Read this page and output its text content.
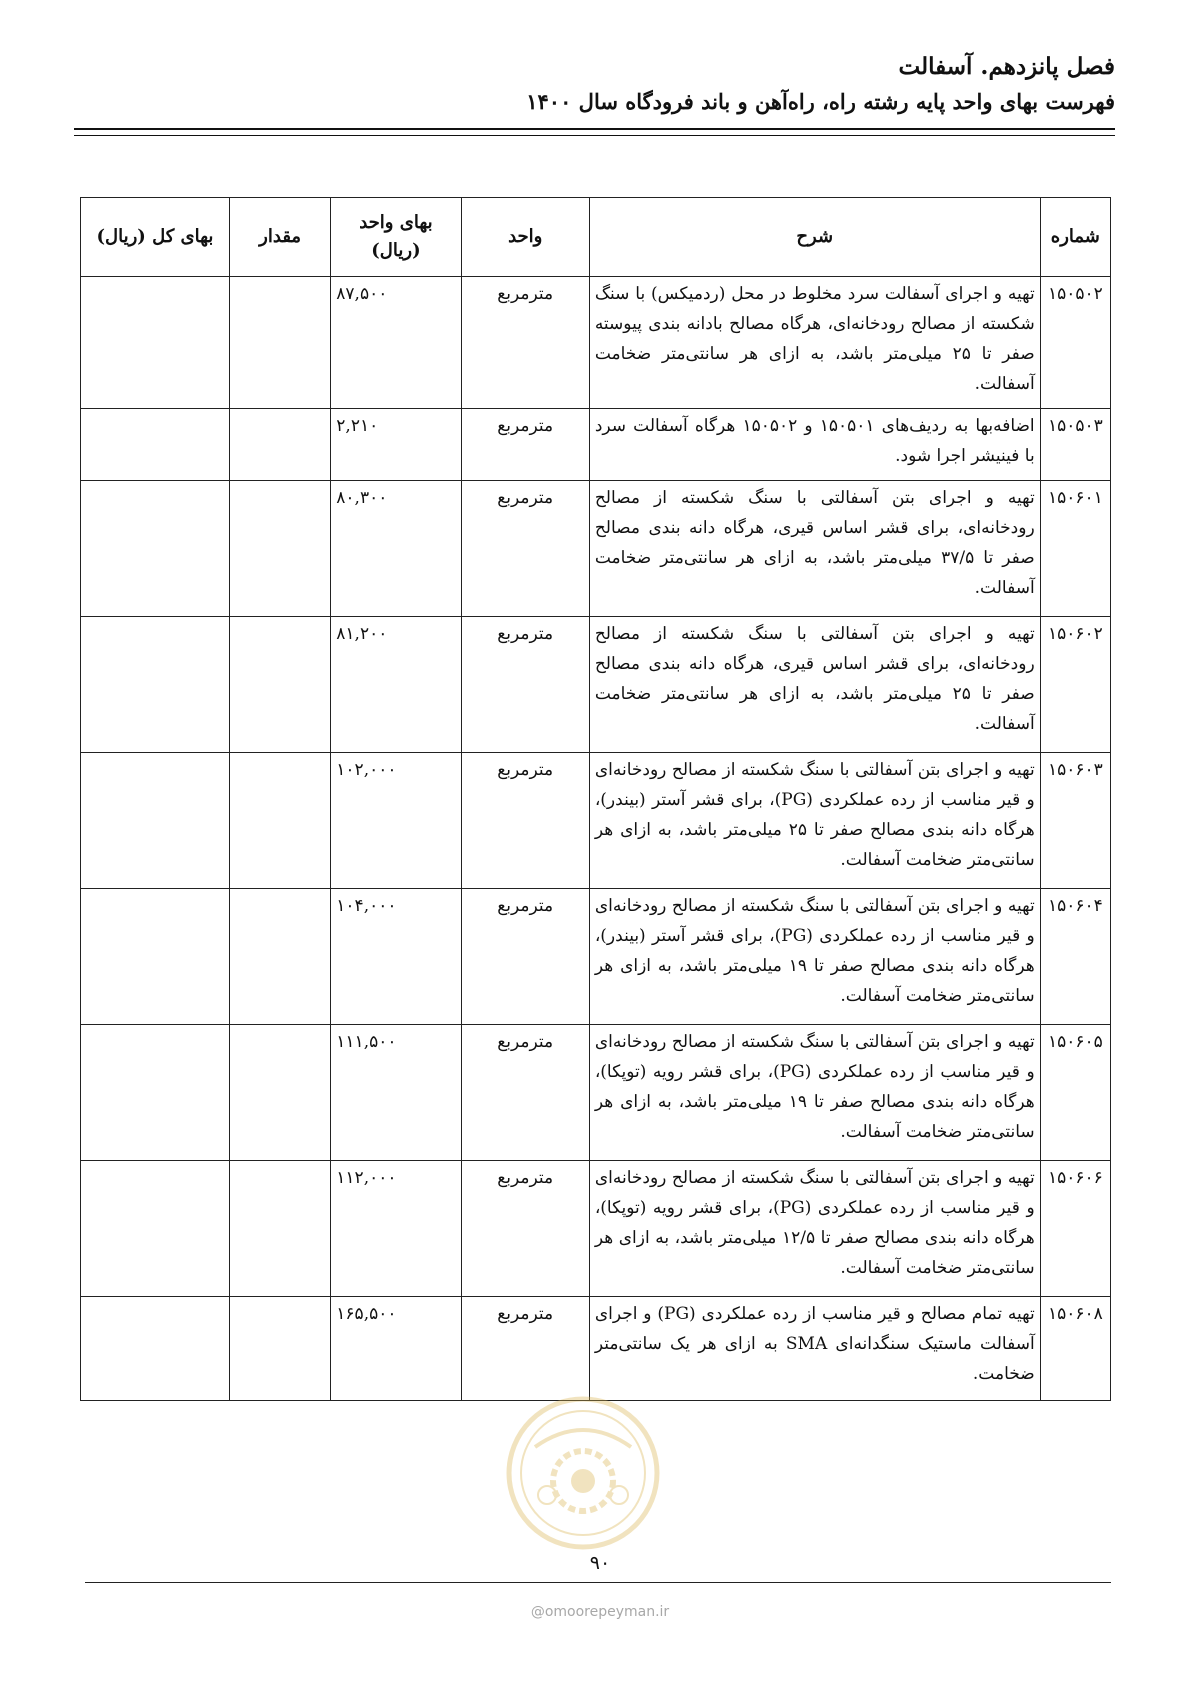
فصل پانزدهم. آسفالت
فهرست بهای واحد پایه رشته راه، راه‌آهن و باند فرودگاه سال ۱۴۰۰
شماره	شرح	واحد	بهای واحد (ریال)	مقدار	بهای کل (ریال)
۱۵۰۵۰۲	تهیه و اجرای آسفالت سرد مخلوط در محل (ردمیکس) با سنگ شکسته از مصالح رودخانه‌ای، هرگاه مصالح بادانه بندی پیوسته صفر تا ۲۵ میلی‌متر باشد، به ازای هر سانتی‌متر ضخامت آسفالت.	مترمربع	۸۷,۵۰۰		
۱۵۰۵۰۳	اضافه‌بها به ردیف‌های ۱۵۰۵۰۱ و ۱۵۰۵۰۲ هرگاه آسفالت سرد با فینیشر اجرا شود.	مترمربع	۲,۲۱۰		
۱۵۰۶۰۱	تهیه و اجرای بتن آسفالتی با سنگ شکسته از مصالح رودخانه‌ای، برای قشر اساس قیری، هرگاه دانه بندی مصالح صفر تا ۳۷/۵ میلی‌متر باشد، به ازای هر سانتی‌متر ضخامت آسفالت.	مترمربع	۸۰,۳۰۰		
۱۵۰۶۰۲	تهیه و اجرای بتن آسفالتی با سنگ شکسته از مصالح رودخانه‌ای، برای قشر اساس قیری، هرگاه دانه بندی مصالح صفر تا ۲۵ میلی‌متر باشد، به ازای هر سانتی‌متر ضخامت آسفالت.	مترمربع	۸۱,۲۰۰		
۱۵۰۶۰۳	تهیه و اجرای بتن آسفالتی با سنگ شکسته از مصالح رودخانه‌ای و قیر مناسب از رده عملکردی (PG)، برای قشر آستر (بیندر)، هرگاه دانه بندی مصالح صفر تا ۲۵ میلی‌متر باشد، به ازای هر سانتی‌متر ضخامت آسفالت.	مترمربع	۱۰۲,۰۰۰		
۱۵۰۶۰۴	تهیه و اجرای بتن آسفالتی با سنگ شکسته از مصالح رودخانه‌ای و قیر مناسب از رده عملکردی (PG)، برای قشر آستر (بیندر)، هرگاه دانه بندی مصالح صفر تا ۱۹ میلی‌متر باشد، به ازای هر سانتی‌متر ضخامت آسفالت.	مترمربع	۱۰۴,۰۰۰		
۱۵۰۶۰۵	تهیه و اجرای بتن آسفالتی با سنگ شکسته از مصالح رودخانه‌ای و قیر مناسب از رده عملکردی (PG)، برای قشر رویه (توپکا)، هرگاه دانه بندی مصالح صفر تا ۱۹ میلی‌متر باشد، به ازای هر سانتی‌متر ضخامت آسفالت.	مترمربع	۱۱۱,۵۰۰		
۱۵۰۶۰۶	تهیه و اجرای بتن آسفالتی با سنگ شکسته از مصالح رودخانه‌ای و قیر مناسب از رده عملکردی (PG)، برای قشر رویه (توپکا)، هرگاه دانه بندی مصالح صفر تا ۱۲/۵ میلی‌متر باشد، به ازای هر سانتی‌متر ضخامت آسفالت.	مترمربع	۱۱۲,۰۰۰		
۱۵۰۶۰۸	تهیه تمام مصالح و قیر مناسب از رده عملکردی (PG) و اجرای آسفالت ماستیک سنگدانه‌ای SMA به ازای هر یک سانتی‌متر ضخامت.	مترمربع	۱۶۵,۵۰۰		
۹۰
@omoorepeyman.ir
